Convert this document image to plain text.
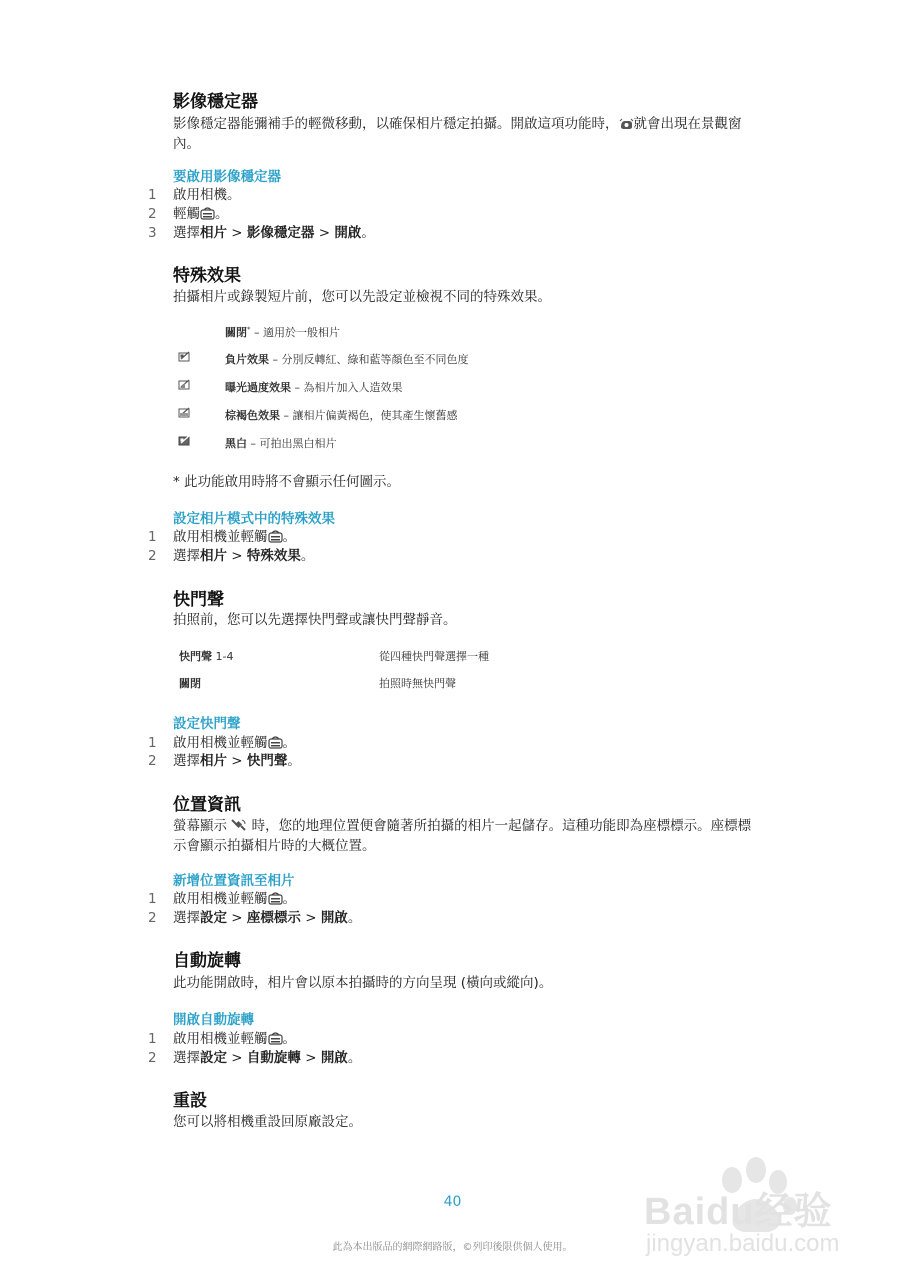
影像穩定器
影像穩定器能彌補手的輕微移動，以確保相片穩定拍攝。開啟這項功能時， 就會出現在景觀窗內。
要啟用影像穩定器
1 啟用相機。
2 輕觸 。
3 選擇相片 > 影像穩定器 > 開啟。
特殊效果
拍攝相片或錄製短片前，您可以先設定並檢視不同的特殊效果。
關閉* – 適用於一般相片
負片效果 – 分別反轉紅、綠和藍等顏色至不同色度
曝光過度效果 – 為相片加入人造效果
棕褐色效果 – 讓相片偏黃褐色，使其產生懷舊感
黑白 – 可拍出黑白相片
* 此功能啟用時將不會顯示任何圖示。
設定相片模式中的特殊效果
1 啟用相機並輕觸 。
2 選擇相片 > 特殊效果。
快門聲
拍照前，您可以先選擇快門聲或讓快門聲靜音。
快門聲 1-4	從四種快門聲選擇一種
關閉	拍照時無快門聲
設定快門聲
1 啟用相機並輕觸 。
2 選擇相片 > 快門聲。
位置資訊
螢幕顯示 時，您的地理位置便會隨著所拍攝的相片一起儲存。這種功能即為座標標示。座標標示會顯示拍攝相片時的大概位置。
新增位置資訊至相片
1 啟用相機並輕觸 。
2 選擇設定 > 座標標示 > 開啟。
自動旋轉
此功能開啟時，相片會以原本拍攝時的方向呈現 (橫向或縱向)。
開啟自動旋轉
1 啟用相機並輕觸 。
2 選擇設定 > 自動旋轉 > 開啟。
重設
您可以將相機重設回原廠設定。
40
此為本出版品的網際網路版，©列印後限供個人使用。
Baidu经验
jingyan.baidu.com
